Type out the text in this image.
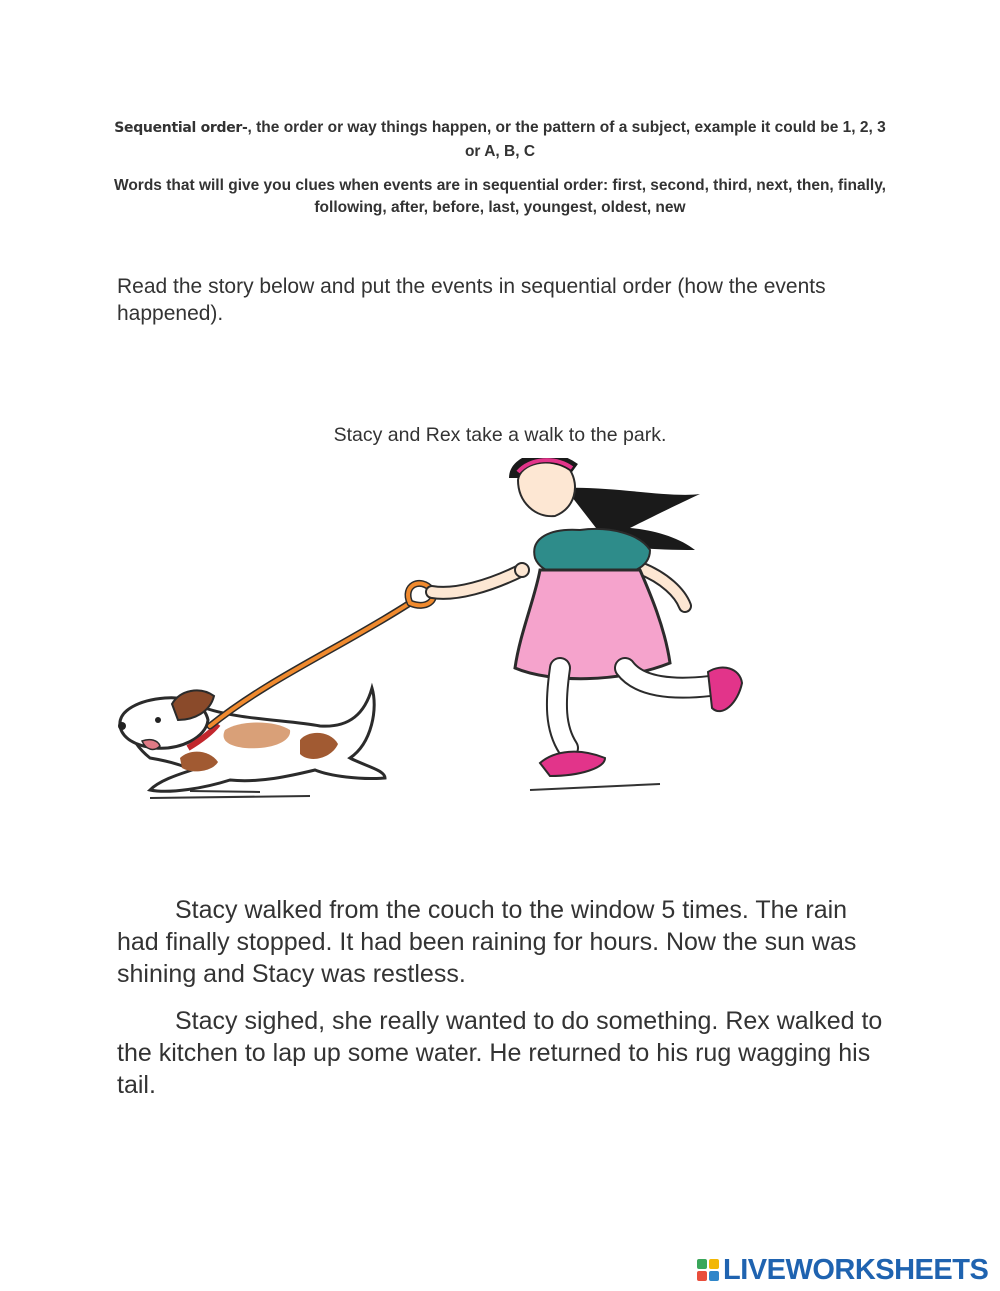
Sequential order-, the order or way things happen, or the pattern of a subject, example it could be 1, 2, 3 or A, B, C
Words that will give you clues when events are in sequential order: first, second, third, next, then, finally, following, after, before, last, youngest, oldest, new
Read the story below and put the events in sequential order (how the events happened).
Stacy and Rex take a walk to the park.
Stacy walked from the couch to the window 5 times. The rain had finally stopped. It had been raining for hours. Now the sun was shining and Stacy was restless.
Stacy sighed, she really wanted to do something. Rex walked to the kitchen to lap up some water. He returned to his rug wagging his tail.
LIVEWORKSHEETS
